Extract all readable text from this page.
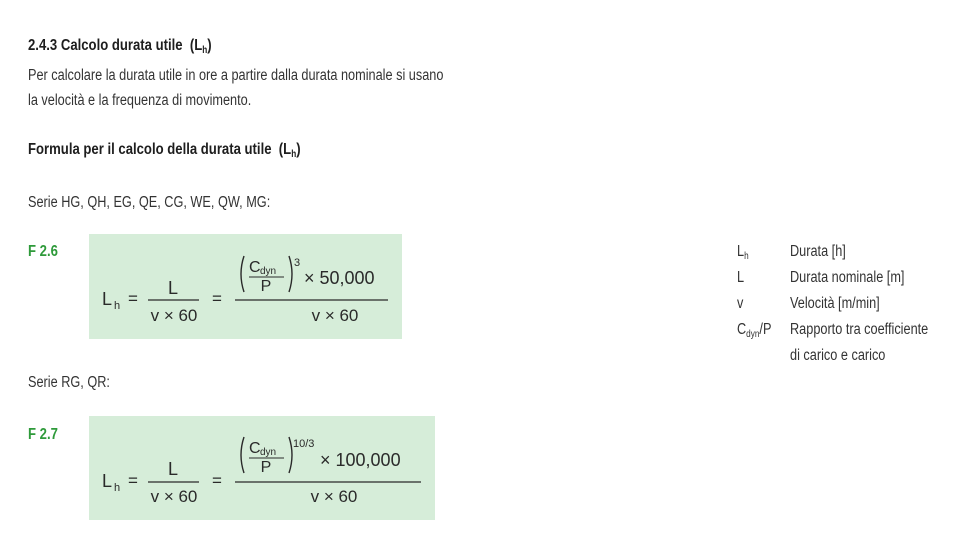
2.4.3 Calcolo durata utile  $(L_h)$
Per calcolare la durata utile in ore a partire dalla durata nominale si usano
la velocità e la frequenza di movimento.
Formula per il calcolo della durata utile  $(L_h)$
Serie HG, QH, EG, QE, CG, WE, QW, MG:
F 2.6
L h =
L
v × 60
=
C dyn
P
3
× 50,000
v × 60
Serie RG, QR:
F 2.7
L h =
L
v × 60
=
C dyn
P
10/3
× 100,000
v × 60
$L_h$	Durata [h]
L	Durata nominale [m]
v	Velocità [m/min]
$C_{dyn}/P$ Rapporto tra coefficiente
di carico e carico
